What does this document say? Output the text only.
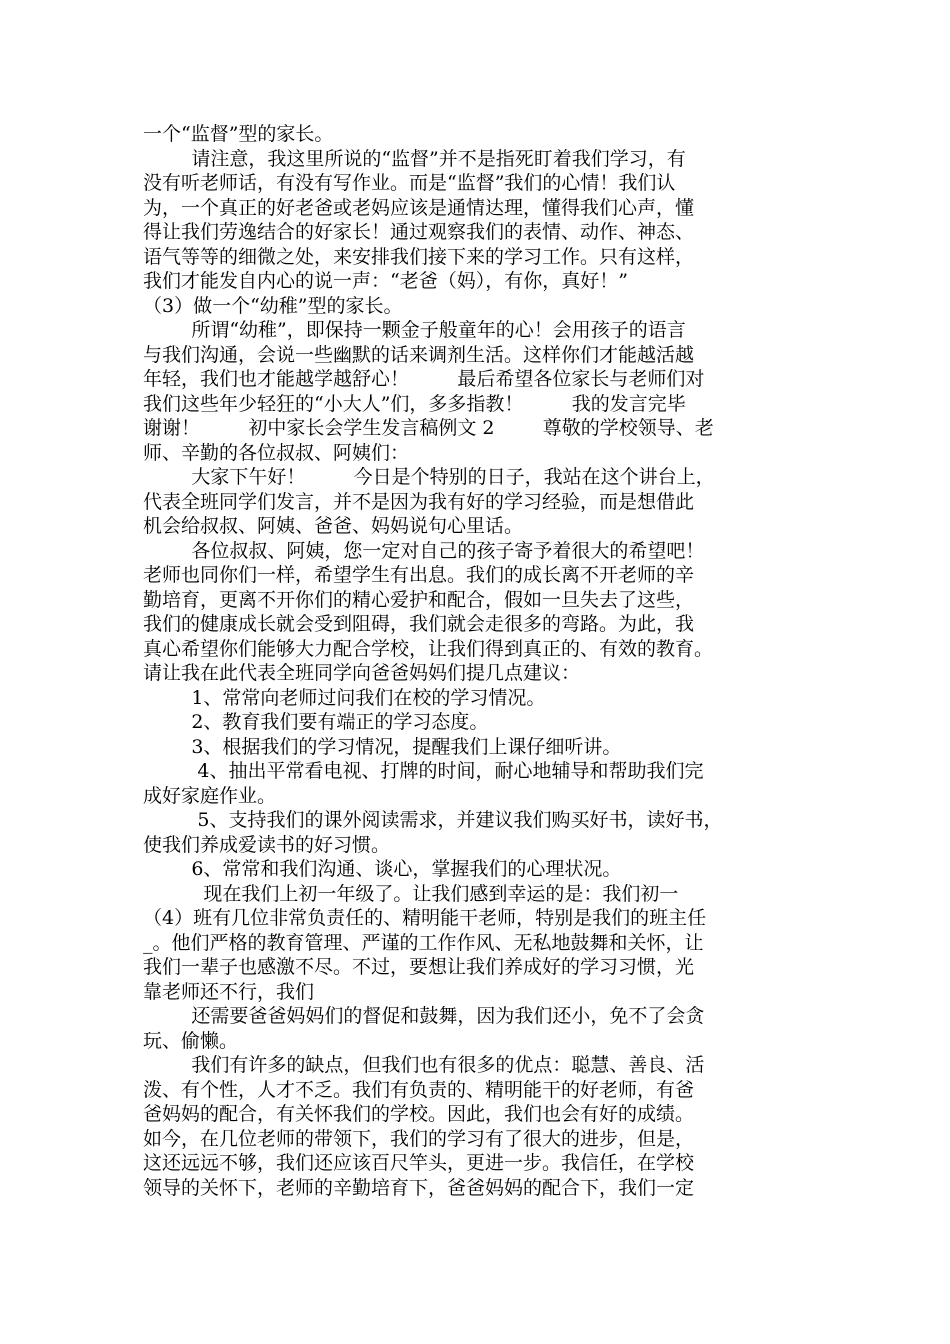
一个“监督”型的家长。
请注意，我这里所说的“监督”并不是指死盯着我们学习，有
没有听老师话，有没有写作业。而是“监督”我们的心情！我们认
为，一个真正的好老爸或老妈应该是通情达理，懂得我们心声，懂
得让我们劳逸结合的好家长！通过观察我们的表情、动作、神态、
语气等等的细微之处，来安排我们接下来的学习工作。只有这样，
我们才能发自内心的说一声：“老爸（妈），有你，真好！”
（3）做一个“幼稚”型的家长。
所谓“幼稚”，即保持一颗金子般童年的心！会用孩子的语言
与我们沟通，会说一些幽默的话来调剂生活。这样你们才能越活越
年轻，我们也才能越学越舒心！        最后希望各位家长与老师们对
我们这些年少轻狂的“小大人”们，多多指教！        我的发言完毕
谢谢！        初中家长会学生发言稿例文 2        尊敬的学校领导、老
师、辛勤的各位叔叔、阿姨们：
大家下午好！        今日是个特别的日子，我站在这个讲台上，
代表全班同学们发言，并不是因为我有好的学习经验，而是想借此
机会给叔叔、阿姨、爸爸、妈妈说句心里话。
各位叔叔、阿姨，您一定对自己的孩子寄予着很大的希望吧！
老师也同你们一样，希望学生有出息。我们的成长离不开老师的辛
勤培育，更离不开你们的精心爱护和配合，假如一旦失去了这些，
我们的健康成长就会受到阻碍，我们就会走很多的弯路。为此，我
真心希望你们能够大力配合学校，让我们得到真正的、有效的教育。
请让我在此代表全班同学向爸爸妈妈们提几点建议：
1、常常向老师过问我们在校的学习情况。
2、教育我们要有端正的学习态度。
3、根据我们的学习情况，提醒我们上课仔细听讲。
4、抽出平常看电视、打牌的时间，耐心地辅导和帮助我们完
成好家庭作业。
5、支持我们的课外阅读需求，并建议我们购买好书，读好书，
使我们养成爱读书的好习惯。
6、常常和我们沟通、谈心，掌握我们的心理状况。
现在我们上初一年级了。让我们感到幸运的是：我们初一
（4）班有几位非常负责任的、精明能干老师，特别是我们的班主任
_。他们严格的教育管理、严谨的工作作风、无私地鼓舞和关怀，让
我们一辈子也感激不尽。不过，要想让我们养成好的学习习惯，光
靠老师还不行，我们
还需要爸爸妈妈们的督促和鼓舞，因为我们还小，免不了会贪
玩、偷懒。
我们有许多的缺点，但我们也有很多的优点：聪慧、善良、活
泼、有个性，人才不乏。我们有负责的、精明能干的好老师，有爸
爸妈妈的配合，有关怀我们的学校。因此，我们也会有好的成绩。
如今，在几位老师的带领下，我们的学习有了很大的进步，但是，
这还远远不够，我们还应该百尺竿头，更进一步。我信任，在学校
领导的关怀下，老师的辛勤培育下，爸爸妈妈的配合下，我们一定
